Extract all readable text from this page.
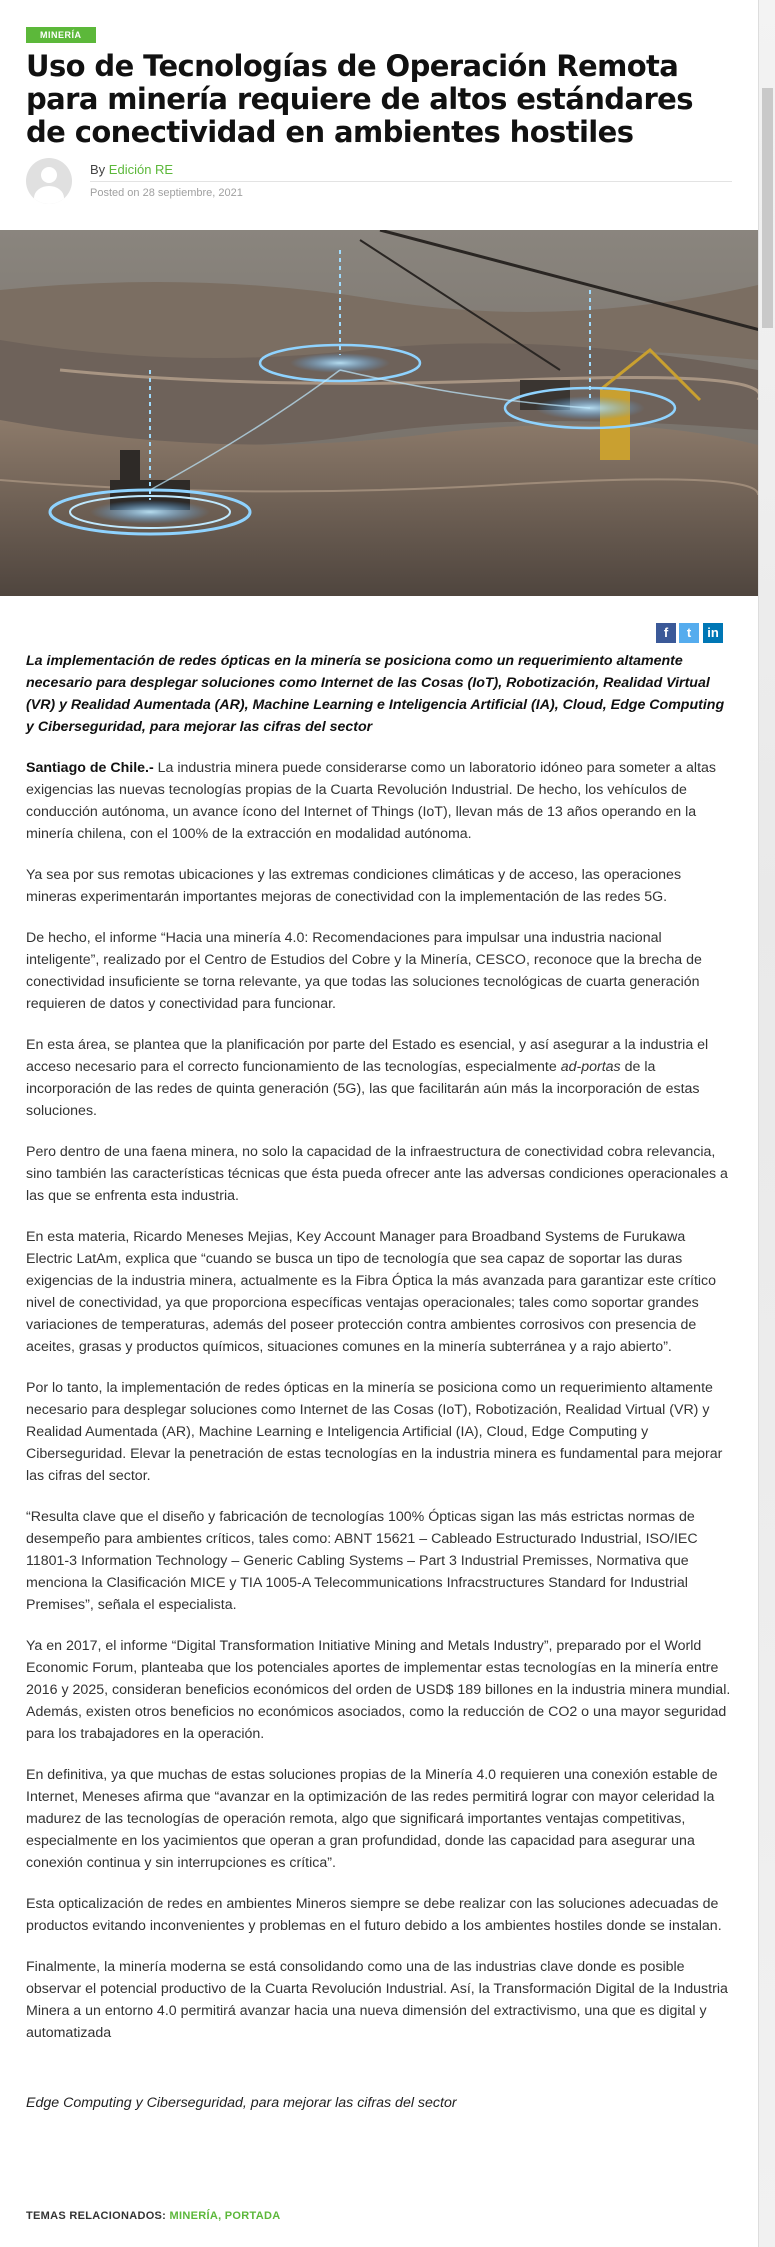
MINERÍA
Uso de Tecnologías de Operación Remota para minería requiere de altos estándares de conectividad en ambientes hostiles
By Edición RE
Posted on 28 septiembre, 2021
f	t	in

La implementación de redes ópticas en la minería se posiciona como un requerimiento altamente necesario para desplegar soluciones como Internet de las Cosas (IoT), Robotización, Realidad Virtual (VR) y Realidad Aumentada (AR), Machine Learning e Inteligencia Artificial (IA), Cloud, Edge Computing y Ciberseguridad, para mejorar las cifras del sector

Santiago de Chile.- La industria minera puede considerarse como un laboratorio idóneo para someter a altas exigencias las nuevas tecnologías propias de la Cuarta Revolución Industrial. De hecho, los vehículos de conducción autónoma, un avance ícono del Internet of Things (IoT), llevan más de 13 años operando en la minería chilena, con el 100% de la extracción en modalidad autónoma.

Ya sea por sus remotas ubicaciones y las extremas condiciones climáticas y de acceso, las operaciones mineras experimentarán importantes mejoras de conectividad con la implementación de las redes 5G.

De hecho, el informe “Hacia una minería 4.0: Recomendaciones para impulsar una industria nacional inteligente”, realizado por el Centro de Estudios del Cobre y la Minería, CESCO, reconoce que la brecha de conectividad insuficiente se torna relevante, ya que todas las soluciones tecnológicas de cuarta generación requieren de datos y conectividad para funcionar.

En esta área, se plantea que la planificación por parte del Estado es esencial, y así asegurar a la industria el acceso necesario para el correcto funcionamiento de las tecnologías, especialmente ad-portas de la incorporación de las redes de quinta generación (5G), las que facilitarán aún más la incorporación de estas soluciones.

Pero dentro de una faena minera, no solo la capacidad de la infraestructura de conectividad cobra relevancia, sino también las características técnicas que ésta pueda ofrecer ante las adversas condiciones operacionales a las que se enfrenta esta industria.

En esta materia, Ricardo Meneses Mejias, Key Account Manager para Broadband Systems de Furukawa Electric LatAm, explica que “cuando se busca un tipo de tecnología que sea capaz de soportar las duras exigencias de la industria minera, actualmente es la Fibra Óptica la más avanzada para garantizar este crítico nivel de conectividad, ya que proporciona específicas ventajas operacionales; tales como soportar grandes variaciones de temperaturas, además del poseer protección contra ambientes corrosivos con presencia de aceites, grasas y productos químicos, situaciones comunes en la minería subterránea y a rajo abierto”.

Por lo tanto, la implementación de redes ópticas en la minería se posiciona como un requerimiento altamente necesario para desplegar soluciones como Internet de las Cosas (IoT), Robotización, Realidad Virtual (VR) y Realidad Aumentada (AR), Machine Learning e Inteligencia Artificial (IA), Cloud, Edge Computing y Ciberseguridad. Elevar la penetración de estas tecnologías en la industria minera es fundamental para mejorar las cifras del sector.

“Resulta clave que el diseño y fabricación de tecnologías 100% Ópticas sigan las más estrictas normas de desempeño para ambientes críticos, tales como: ABNT 15621 – Cableado Estructurado Industrial, ISO/IEC 11801-3 Information Technology – Generic Cabling Systems – Part 3 Industrial Premisses, Normativa que menciona la Clasificación MICE y TIA 1005-A Telecommunications Infracstructures Standard for Industrial Premises”, señala el especialista.

Ya en 2017, el informe “Digital Transformation Initiative Mining and Metals Industry”, preparado por el World Economic Forum, planteaba que los potenciales aportes de implementar estas tecnologías en la minería entre 2016 y 2025, consideran beneficios económicos del orden de USD$ 189 billones en la industria minera mundial. Además, existen otros beneficios no económicos asociados, como la reducción de CO2 o una mayor seguridad para los trabajadores en la operación.

En definitiva, ya que muchas de estas soluciones propias de la Minería 4.0 requieren una conexión estable de Internet, Meneses afirma que “avanzar en la optimización de las redes permitirá lograr con mayor celeridad la madurez de las tecnologías de operación remota, algo que significará importantes ventajas competitivas, especialmente en los yacimientos que operan a gran profundidad, donde las capacidad para asegurar una conexión continua y sin interrupciones es crítica”.

Esta opticalización de redes en ambientes Mineros siempre se debe realizar con las soluciones adecuadas de productos evitando inconvenientes y problemas en el futuro debido a los ambientes hostiles donde se instalan.

Finalmente, la minería moderna se está consolidando como una de las industrias clave donde es posible observar el potencial productivo de la Cuarta Revolución Industrial. Así, la Transformación Digital de la Industria Minera a un entorno 4.0 permitirá avanzar hacia una nueva dimensión del extractivismo, una que es digital y automatizada

Edge Computing y Ciberseguridad, para mejorar las cifras del sector

TEMAS RELACIONADOS: MINERÍA, PORTADA
